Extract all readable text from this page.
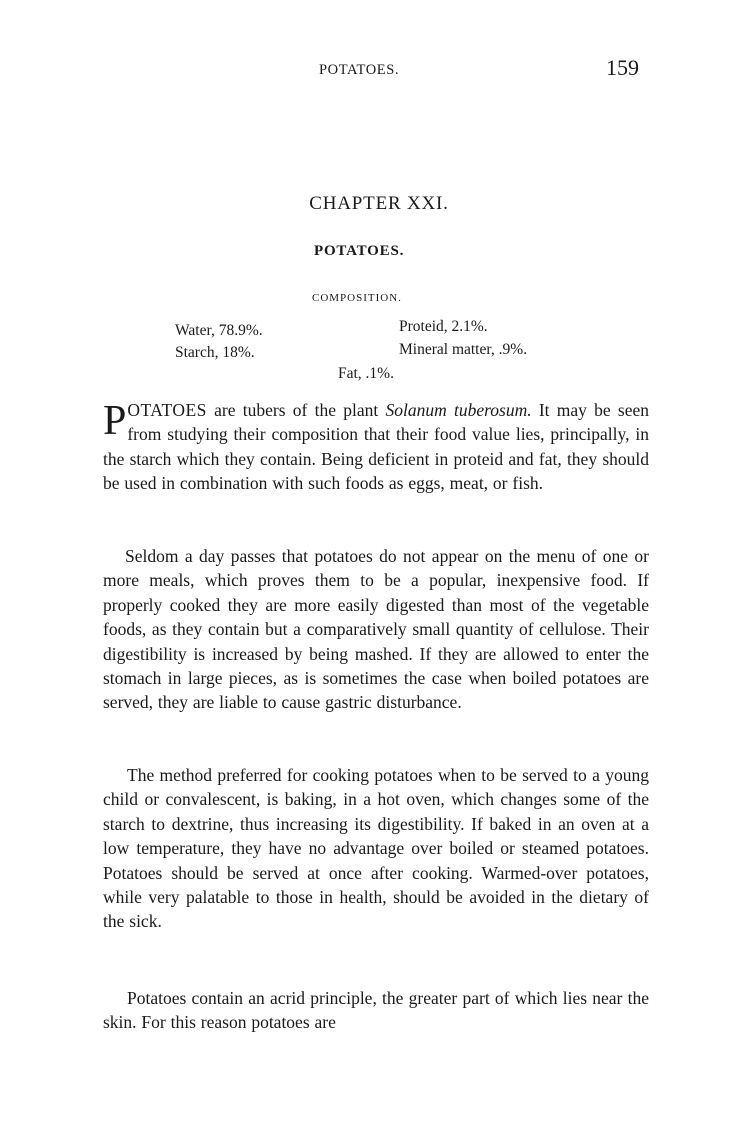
POTATOES.	159
CHAPTER XXI.
POTATOES.
COMPOSITION.
Water, 78.9%.	Proteid, 2.1%.
Starch, 18%.	Mineral matter, .9%.
Fat, .1%.

POTATOES are tubers of the plant Solanum tuberosum. It may be seen from studying their composition that their food value lies, principally, in the starch which they contain. Being deficient in proteid and fat, they should be used in combination with such foods as eggs, meat, or fish.

Seldom a day passes that potatoes do not appear on the menu of one or more meals, which proves them to be a popular, inexpensive food. If properly cooked they are more easily digested than most of the vegetable foods, as they contain but a comparatively small quantity of cellulose. Their digestibility is increased by being mashed. If they are allowed to enter the stomach in large pieces, as is sometimes the case when boiled potatoes are served, they are liable to cause gastric disturbance.

The method preferred for cooking potatoes when to be served to a young child or convalescent, is baking, in a hot oven, which changes some of the starch to dextrine, thus increasing its digestibility. If baked in an oven at a low temperature, they have no advantage over boiled or steamed potatoes. Potatoes should be served at once after cooking. Warmed-over potatoes, while very palatable to those in health, should be avoided in the dietary of the sick.

Potatoes contain an acrid principle, the greater part of which lies near the skin. For this reason potatoes are
